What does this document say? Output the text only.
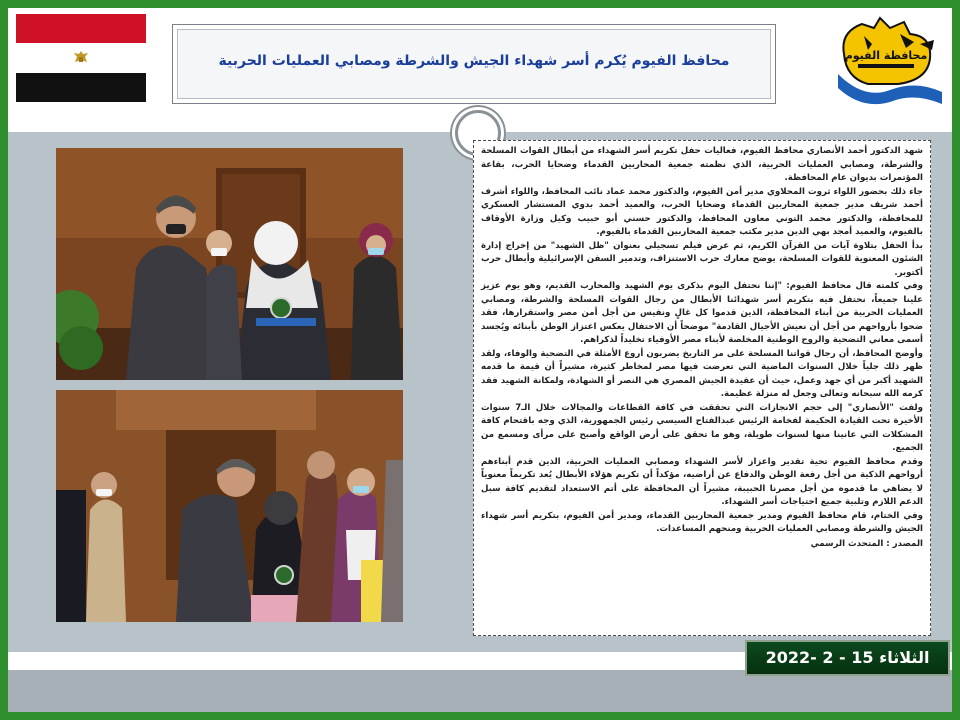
محافظ الفيوم يُكرم أسر شهداء الجيش والشرطة ومصابي العمليات الحربية	محافظة الفيوم

شهد الدكتور أحمد الأنصاري محافظ الفيوم، فعاليات حفل تكريم أسر الشهداء من أبطال القوات المسلحة والشرطة، ومصابي العمليات الحربية، الذي نظمته جمعية المحاربين القدماء وضحايا الحرب، بقاعة المؤتمرات بديوان عام المحافظة.

جاء ذلك بحضور اللواء ثروت المحلاوي مدير أمن الفيوم، والدكتور محمد عماد نائب المحافظ، واللواء أشرف أحمد شريف مدير جمعية المحاربين القدماء وضحايا الحرب، والعميد أحمد بدوي المستشار العسكري للمحافظة، والدكتور محمد التوني معاون المحافظ، والدكتور حسني أبو حبيب وكيل وزارة الأوقاف بالفيوم، والعميد أمجد بهي الدين مدير مكتب جمعية المحاربين القدماء بالفيوم.

بدأ الحفل بتلاوة آيات من القرآن الكريم، ثم عرض فيلم تسجيلي بعنوان "ظل الشهيد" من إخراج إدارة الشئون المعنوية للقوات المسلحة، يوضح معارك حرب الاستنزاف، وتدمير السفن الإسرائيلية وأبطال حرب أكتوبر.

وفي كلمته قال محافظ الفيوم: "إننا نحتفل اليوم بذكرى يوم الشهيد والمحارب القديم، وهو يوم عزيز علينا جميعاً، نحتفل فيه بتكريم أسر شهدائنا الأبطال من رجال القوات المسلحة والشرطة، ومصابي العمليات الحربية من أبناء المحافظة، الذين قدموا كل غالٍ ونفيس من أجل أمن مصر واستقرارها، فقد ضحوا بأرواحهم من أجل أن نعيش الأجيال القادمة" موضحاً أن الاحتفال يعكس اعتزاز الوطن بأبنائه ويُجسد أسمى معاني التضحية والروح الوطنية المخلصة لأبناء مصر الأوفياء تخليداً لذكراهم.

وأوضح المحافظ، أن رجال قواتنا المسلحة على مر التاريخ يضربون أروع الأمثلة في التضحية والوفاء، ولقد ظهر ذلك جلياً خلال السنوات الماضية التي تعرضت فيها مصر لمخاطر كثيرة، مشيراً أن قيمة ما قدمه الشهيد أكبر من أي جهد وعمل، حيث أن عقيدة الجيش المصري هي النصر أو الشهادة، ولمكانة الشهيد فقد كرمه الله سبحانه وتعالى وجعل له منزلة عظيمة.

ولفت "الأنصاري" إلى حجم الانجازات التي تحققت في كافة القطاعات والمجالات خلال الـ7 سنوات الأخيرة تحت القيادة الحكيمة لفخامة الرئيس عبدالفتاح السيسي رئيس الجمهورية، الذي وجه باقتحام كافة المشكلات التي عانينا منها لسنوات طويلة، وهو ما تحقق على أرض الواقع وأصبح على مرأى ومسمع من الجميع.

وقدم محافظ الفيوم تحية تقدير واعزاز لأسر الشهداء ومصابي العمليات الحربية، الذين قدم أبناءهم أرواحهم الذكية من أجل رفعة الوطن والدفاع عن أراضيه، مؤكداً أن تكريم هؤلاء الأبطال يُعد تكريماً معنوياً لا يضاهي ما قدموه من أجل مصرنا الحبيبة، مشيراً أن المحافظة على أتم الاستعداد لتقديم كافة سبل الدعم اللازم وتلبية جميع احتياجات أسر الشهداء.

وفي الختام، قام محافظ الفيوم ومدير جمعية المحاربين القدماء، ومدير أمن الفيوم، بتكريم أسر شهداء الجيش والشرطة ومصابي العمليات الحربية ومنحهم المساعدات.

المصدر : المتحدث الرسمي

الثلاثاء 15 - 2 -2022
